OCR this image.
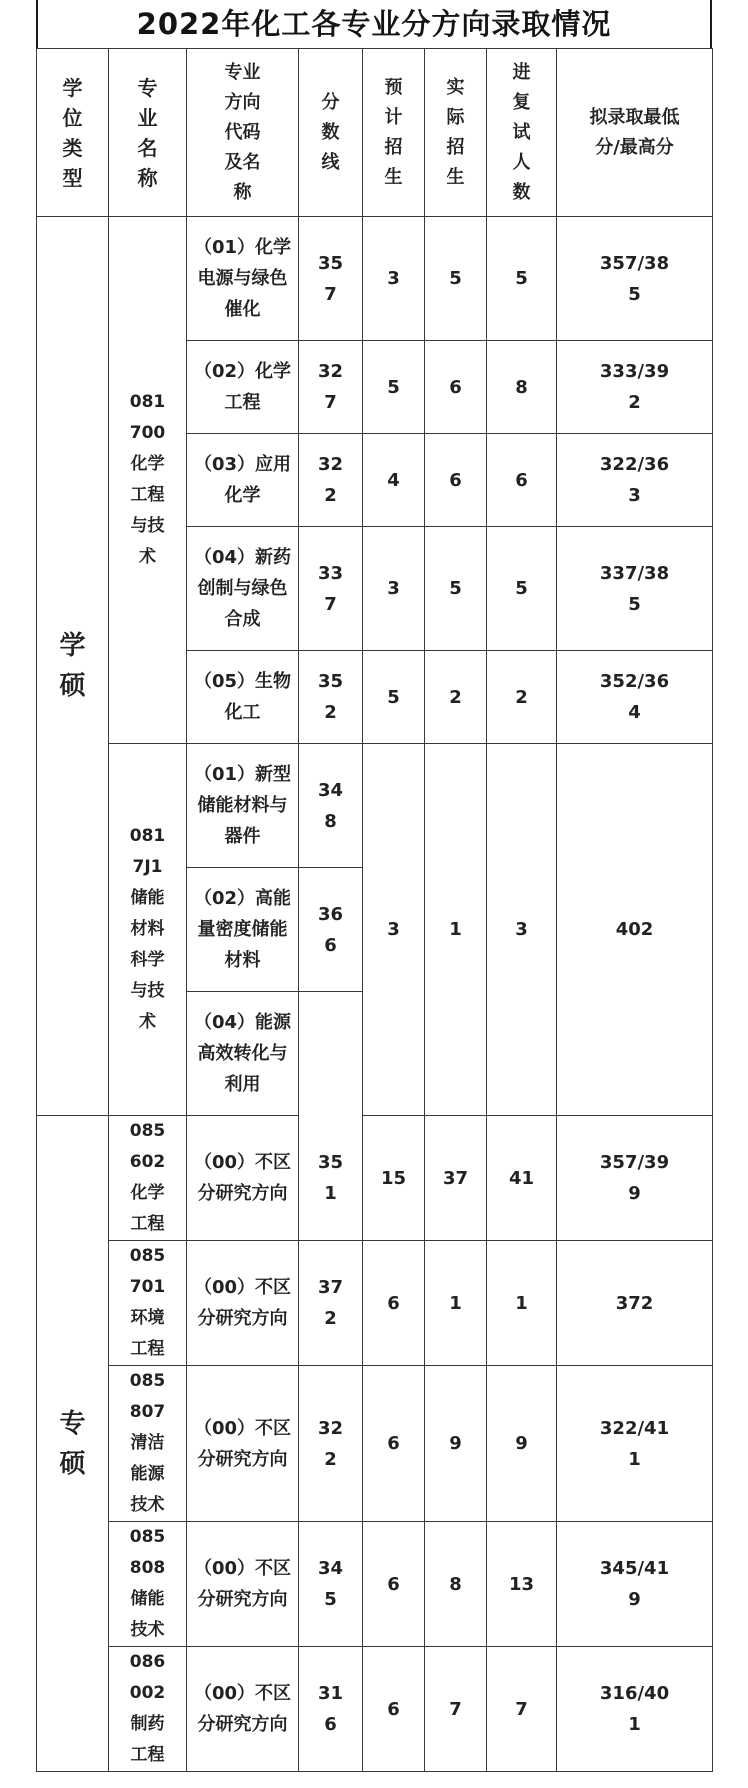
2022年化工各专业分方向录取情况
学位类型	专业名称	专业方向代码及名称	分数线	预计招生	实际招生	进复试人数	拟录取最低分/最高分
学硕	081700化学工程与技术	（01）化学电源与绿色催化	357	3	5	5	357/385
		（02）化学工程	327	5	6	8	333/392
		（03）应用化学	322	4	6	6	322/363
		（04）新药创制与绿色合成	337	3	5	5	337/385
		（05）生物化工	352	5	2	2	352/364
	0817J1储能材料科学与技术	（01）新型储能材料与器件	348	3	1	3	402
		（02）高能量密度储能材料	366				
		（04）能源高效转化与利用					
专硕	085602化学工程	（00）不区分研究方向	351	15	37	41	357/399
	085701环境工程	（00）不区分研究方向	372	6	1	1	372
	085807清洁能源技术	（00）不区分研究方向	322	6	9	9	322/411
	085808储能技术	（00）不区分研究方向	345	6	8	13	345/419
	086002制药工程	（00）不区分研究方向	316	6	7	7	316/401
